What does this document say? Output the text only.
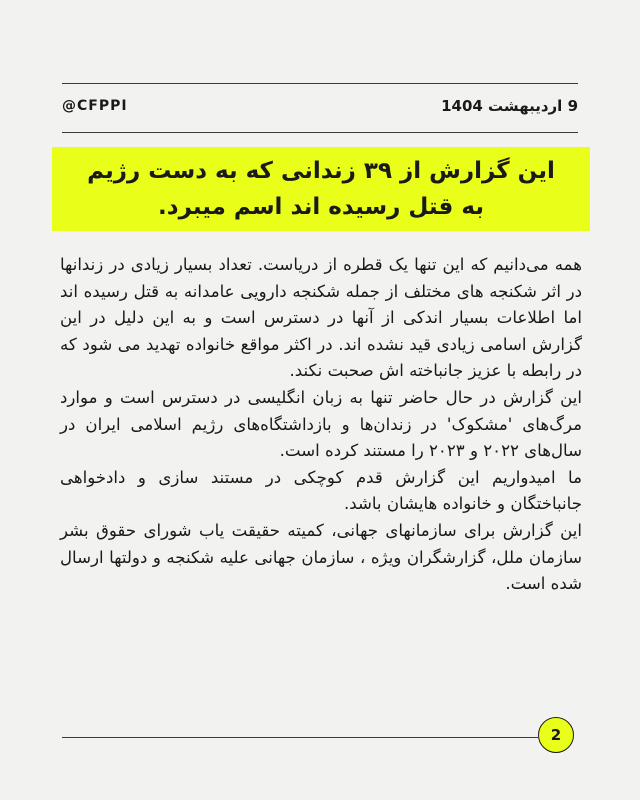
@CFPPI	9 اردیبهشت 1404
این گزارش از ۳۹ زندانی که به دست رژیم
به قتل رسیده اند اسم میبرد.

همه می‌دانیم که این تنها یک قطره از دریاست. تعداد بسیار زیادی در زندانها در اثر شکنجه های مختلف از جمله شکنجه دارویی عامدانه به قتل رسیده اند اما اطلاعات بسیار اندکی از آنها در دسترس است و به این دلیل در این گزارش اسامی زیادی قید نشده اند. در اکثر مواقع خانواده تهدید می شود که در رابطه با عزیز جانباخته اش صحبت نکند.

این گزارش در حال حاضر تنها به زبان انگلیسی در دسترس است و موارد مرگ‌های 'مشکوک' در زندان‌ها و بازداشتگاه‌های رژیم اسلامی ایران در سال‌های ۲۰۲۲ و ۲۰۲۳ را مستند کرده است.

ما امیدواریم این گزارش قدم کوچکی در مستند سازی و دادخواهی جانباختگان و خانواده هایشان باشد.

این گزارش برای سازمانهای جهانی، کمیته حقیقت یاب شورای حقوق بشر سازمان ملل، گزارشگران ویژه ، سازمان جهانی علیه شکنجه و دولتها ارسال شده است.

2
